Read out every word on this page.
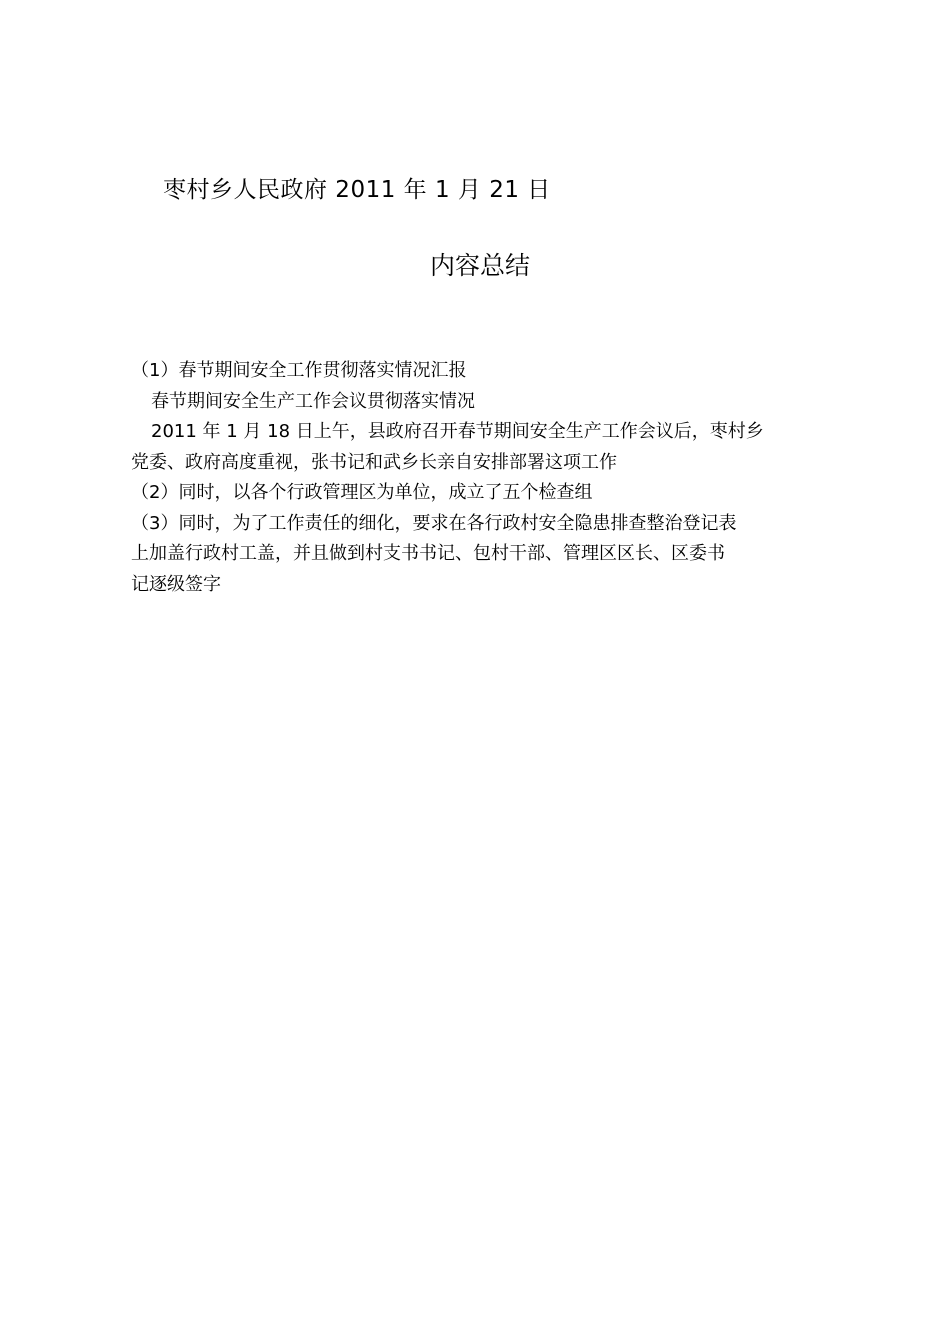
枣村乡人民政府 2011 年 1 月 21 日
内容总结

（1）春节期间安全工作贯彻落实情况汇报

春节期间安全生产工作会议贯彻落实情况

2011 年 1 月 18 日上午，县政府召开春节期间安全生产工作会议后，枣村乡

党委、政府高度重视，张书记和武乡长亲自安排部署这项工作

（2）同时，以各个行政管理区为单位，成立了五个检查组

（3）同时，为了工作责任的细化，要求在各行政村安全隐患排查整治登记表

上加盖行政村工盖，并且做到村支书书记、包村干部、管理区区长、区委书

记逐级签字
